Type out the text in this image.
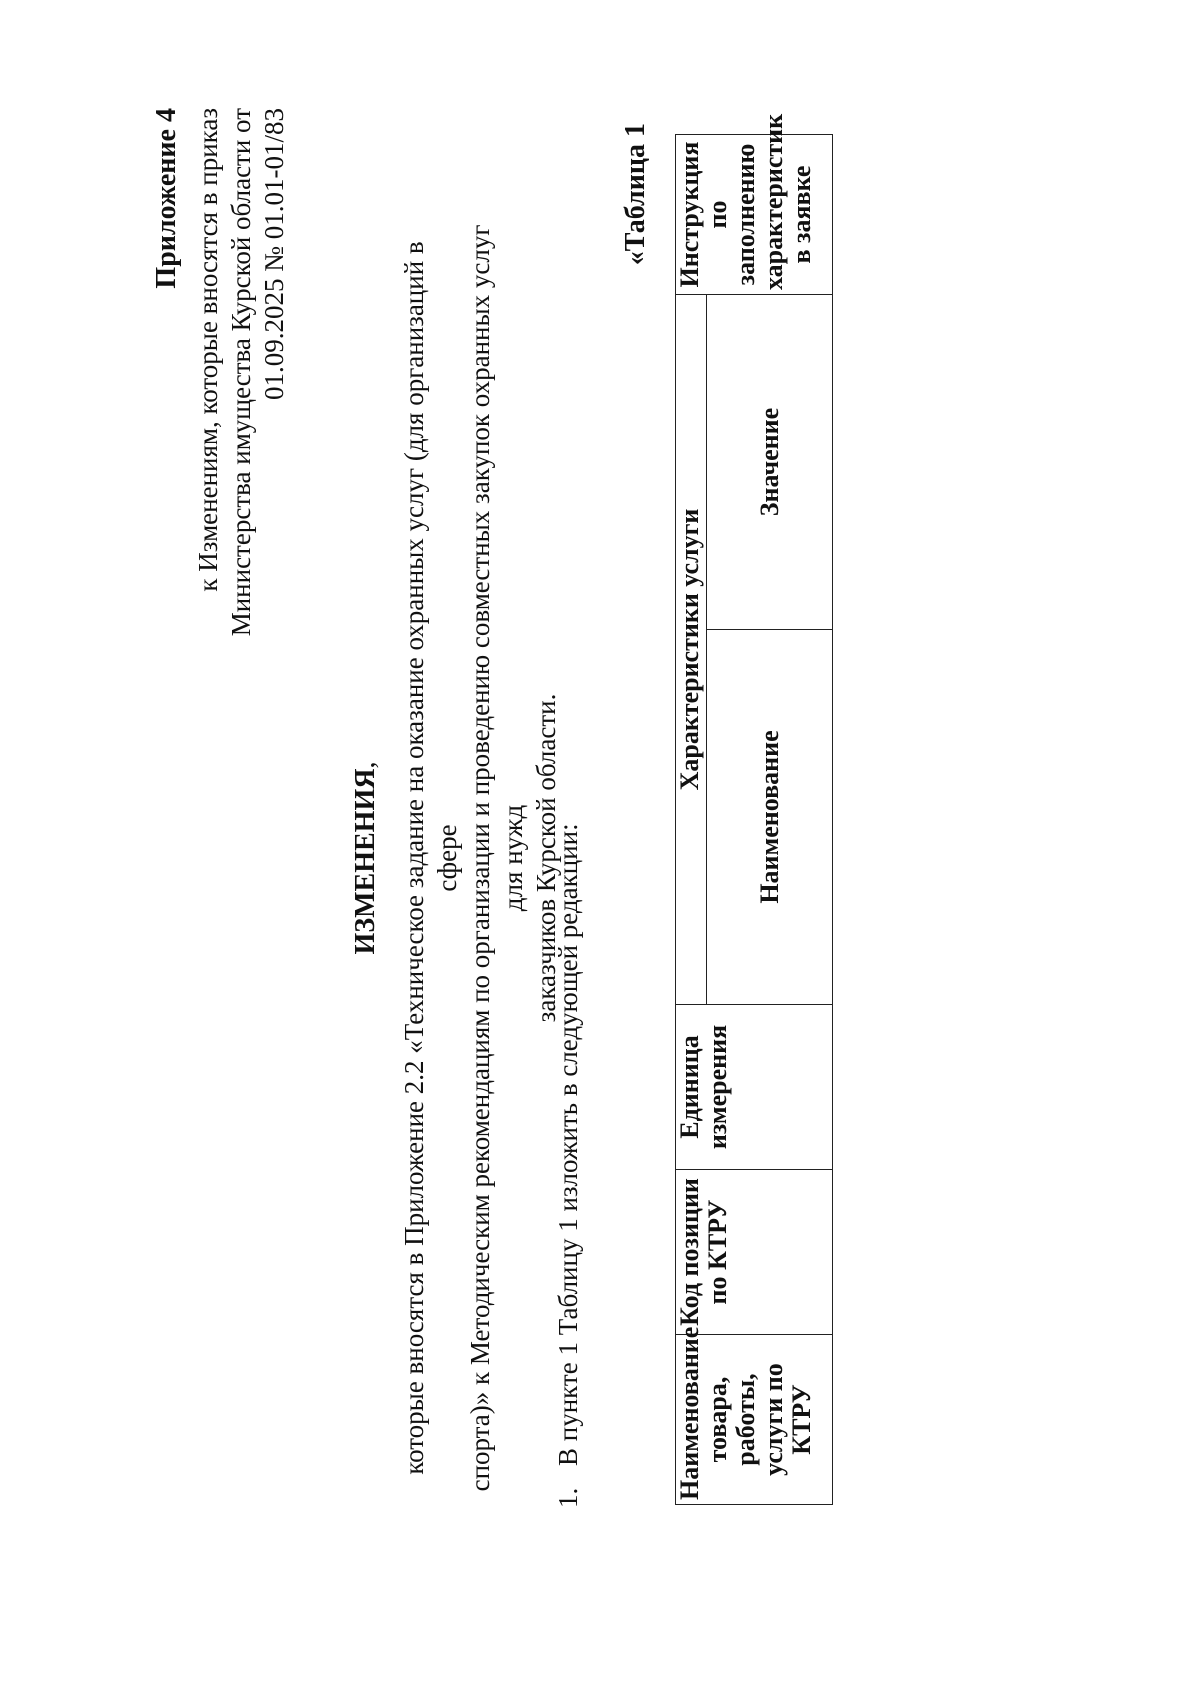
Приложение 4 к Изменениям, которые вносятся в приказ Министерства имущества Курской области от 01.09.2025 № 01.01-01/83
ИЗМЕНЕНИЯ, которые вносятся в Приложение 2.2 «Техническое задание на оказание охранных услуг (для организаций в сфере спорта)» к Методическим рекомендациям по организации и проведению совместных закупок охранных услуг для нужд заказчиков Курской области.
1.В пункте 1 Таблицу 1 изложить в следующей редакции:
«Таблица 1
Наименование товара, работы, услуги по КТРУ	Код позиции по КТРУ	Единица измерения	Характеристики услуги		Инструкция по заполнению характеристик в заявке
			Наименование	Значение	
